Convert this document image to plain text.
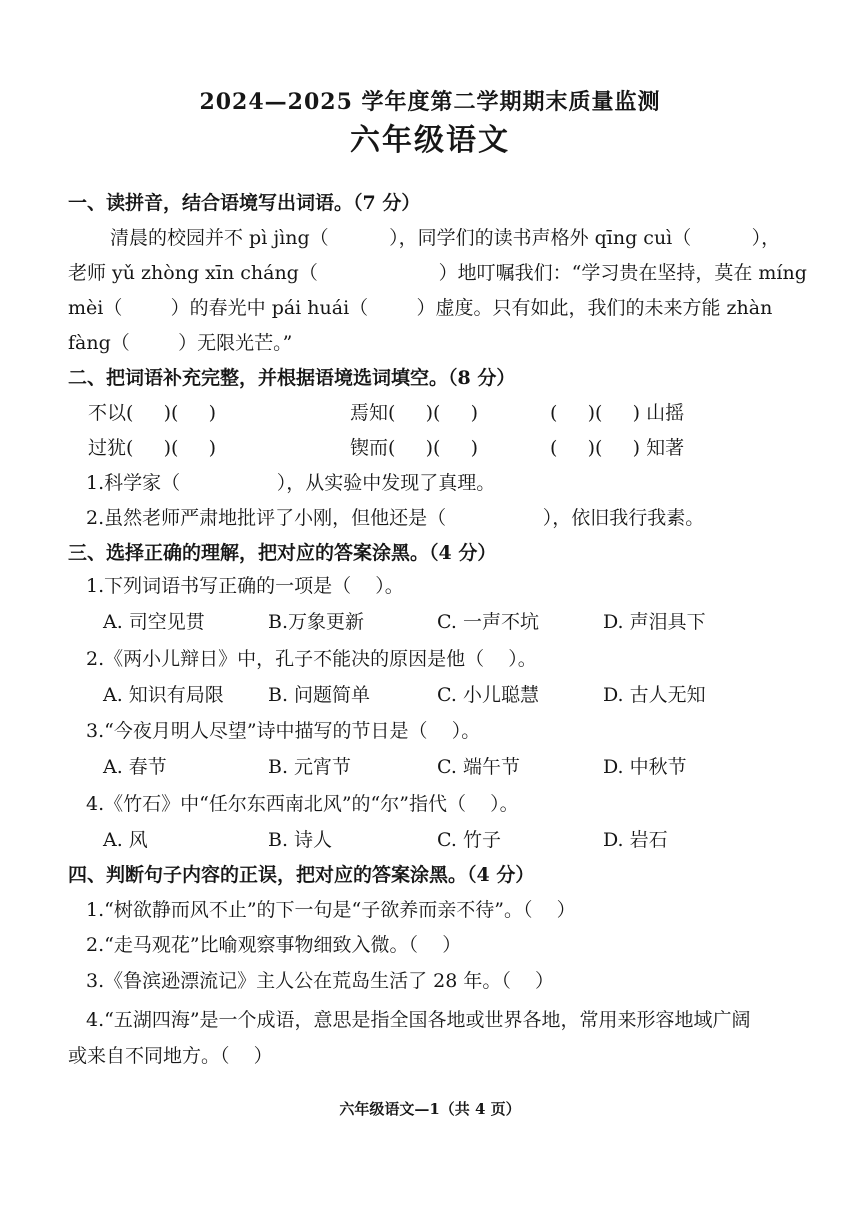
2024—2025 学年度第二学期期末质量监测
六年级语文
一、读拼音，结合语境写出词语。（7 分）
清晨的校园并不 pì jìng（          ），同学们的读书声格外 qīng cuì（          ），
老师 yǔ zhòng xīn cháng（                    ）地叮嘱我们：“学习贵在坚持，莫在 míng
mèi（        ）的春光中 pái huái（        ）虚度。只有如此，我们的未来方能 zhàn
fàng（        ）无限光芒。”
二、把词语补充完整，并根据语境选词填空。（8 分）
不以(     )(     )	焉知(     )(     )	(     )(     ) 山摇
过犹(     )(     )	锲而(     )(     )	(     )(     ) 知著
1.科学家（                ），从实验中发现了真理。
2.虽然老师严肃地批评了小刚，但他还是（                ），依旧我行我素。
三、选择正确的理解，把对应的答案涂黑。（4 分）
1.下列词语书写正确的一项是（    ）。
A. 司空见贯	B.万象更新	C. 一声不坑	D. 声泪具下
2.《两小儿辩日》中，孔子不能决的原因是他（    ）。
A. 知识有局限 B. 问题简单	C. 小儿聪慧	D. 古人无知
3.“今夜月明人尽望”诗中描写的节日是（    ）。
A. 春节	B. 元宵节	C. 端午节	D. 中秋节
4.《竹石》中“任尔东西南北风”的“尔”指代（    ）。
A. 风	B. 诗人	C. 竹子	D. 岩石
四、判断句子内容的正误，把对应的答案涂黑。（4 分）
1.“树欲静而风不止”的下一句是“子欲养而亲不待”。（    ）
2.“走马观花”比喻观察事物细致入微。（    ）
3.《鲁滨逊漂流记》主人公在荒岛生活了 28 年。（    ）
4.“五湖四海”是一个成语，意思是指全国各地或世界各地，常用来形容地域广阔
或来自不同地方。（    ）
六年级语文—1（共 4 页）
